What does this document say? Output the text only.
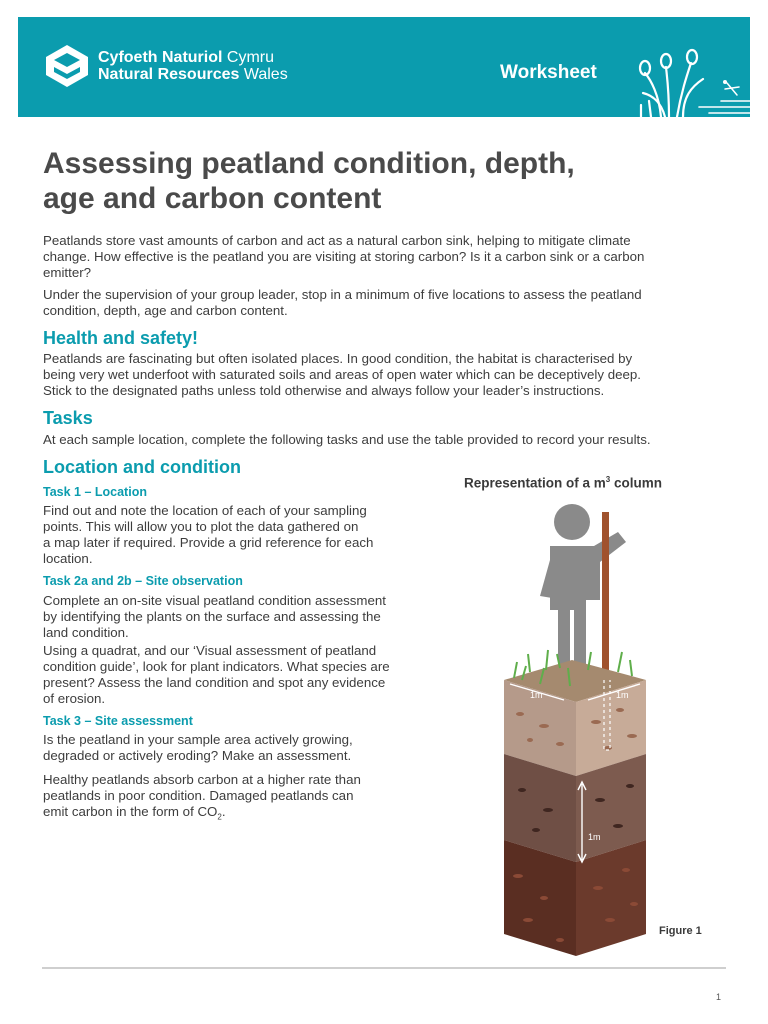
Cyfoeth Naturiol Cymru
Natural Resources Wales	Worksheet
Assessing peatland condition, depth,
age and carbon content

Peatlands store vast amounts of carbon and act as a natural carbon sink, helping to mitigate climate
change. How effective is the peatland you are visiting at storing carbon? Is it a carbon sink or a carbon
emitter?

Under the supervision of your group leader, stop in a minimum of five locations to assess the peatland
condition, depth, age and carbon content.

Health and safety!

Peatlands are fascinating but often isolated places. In good condition, the habitat is characterised by
being very wet underfoot with saturated soils and areas of open water which can be deceptively deep.
Stick to the designated paths unless told otherwise and always follow your leader’s instructions.

Tasks

At each sample location, complete the following tasks and use the table provided to record your results.

Location and condition
Task 1 – Location

Find out and note the location of each of your sampling
points. This will allow you to plot the data gathered on
a map later if required. Provide a grid reference for each
location.

Task 2a and 2b – Site observation

Complete an on-site visual peatland condition assessment
by identifying the plants on the surface and assessing the
land condition.

Using a quadrat, and our ‘Visual assessment of peatland
condition guide’, look for plant indicators. What species are
present? Assess the land condition and spot any evidence
of erosion.

Task 3 – Site assessment

Is the peatland in your sample area actively growing,
degraded or actively eroding? Make an assessment.

Healthy peatlands absorb carbon at a higher rate than
peatlands in poor condition. Damaged peatlands can
emit carbon in the form of $CO_2$.

Representation of a $m^3$ column
1m	1m
1m
Figure 1
1
